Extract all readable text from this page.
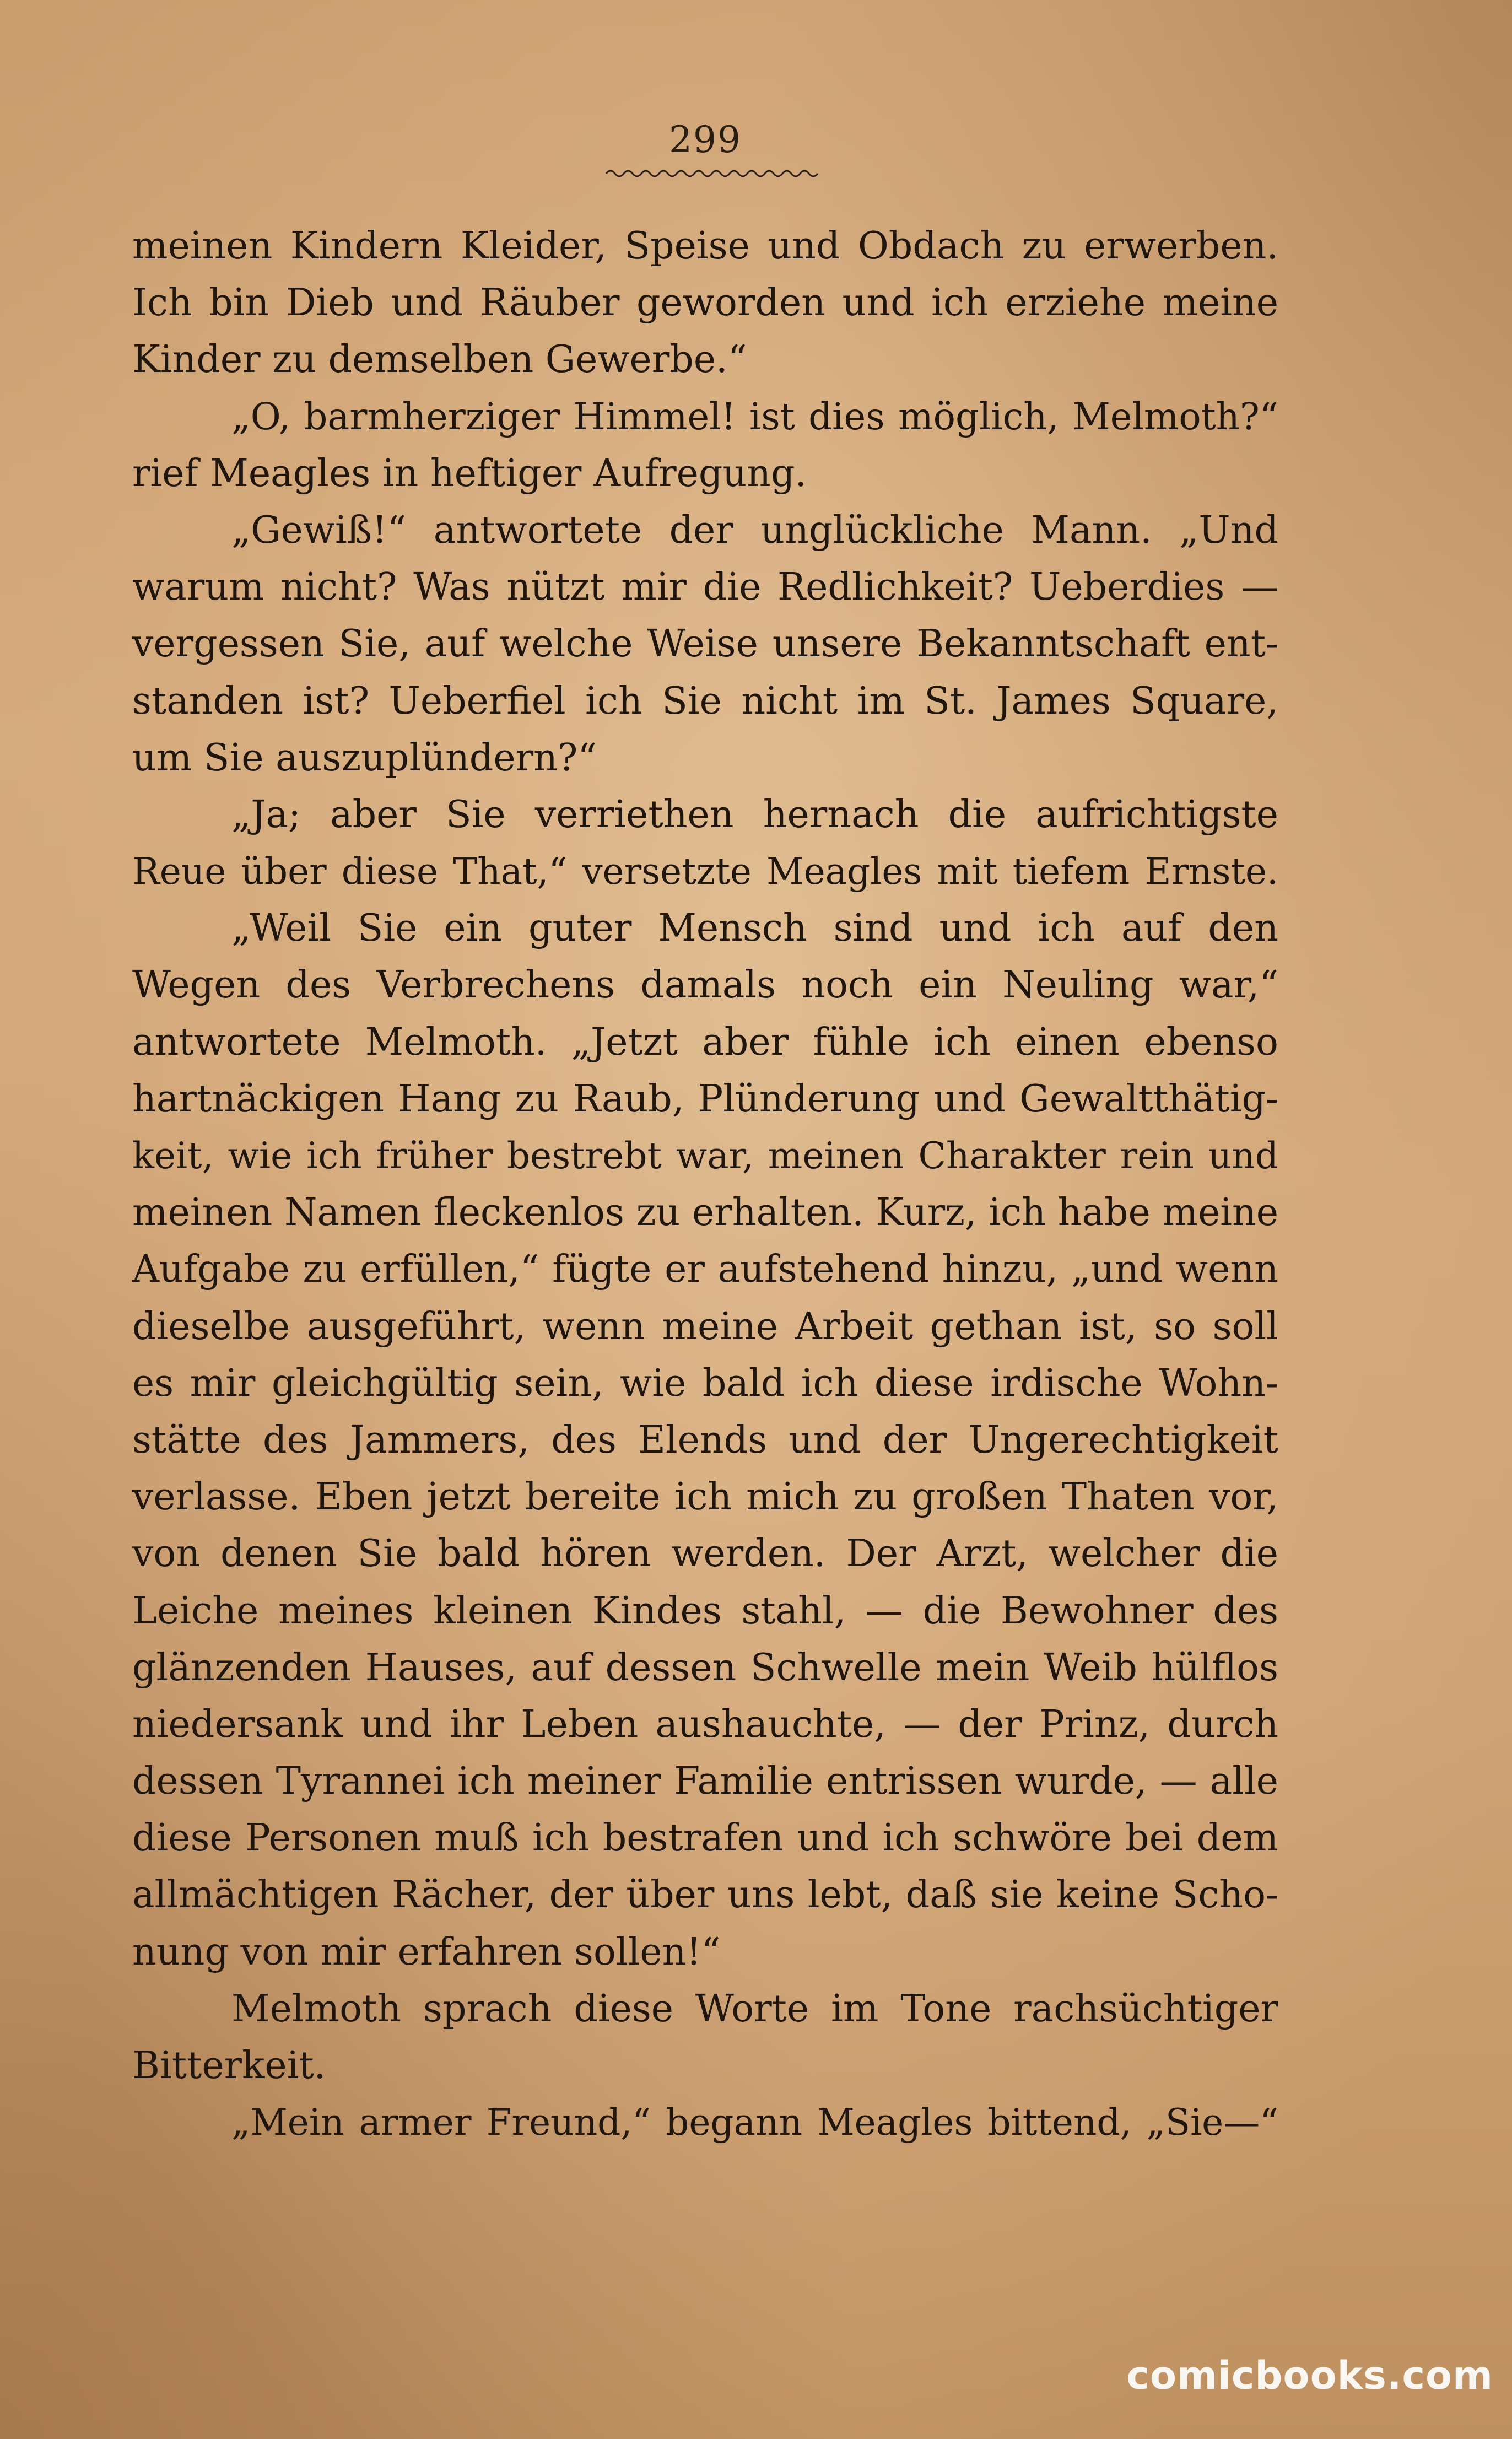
299
meinen Kindern Kleider, Speise und Obdach zu erwerben.
Ich bin Dieb und Räuber geworden und ich erziehe meine
Kinder zu demselben Gewerbe.“
„O, barmherziger Himmel! ist dies möglich, Melmoth?“
rief Meagles in heftiger Aufregung.
„Gewiß!“ antwortete der unglückliche Mann. „Und
warum nicht? Was nützt mir die Redlichkeit? Ueberdies —
vergessen Sie, auf welche Weise unsere Bekanntschaft ent-
standen ist? Ueberfiel ich Sie nicht im St. James Square,
um Sie auszuplündern?“
„Ja; aber Sie verriethen hernach die aufrichtigste
Reue über diese That,“ versetzte Meagles mit tiefem Ernste.
„Weil Sie ein guter Mensch sind und ich auf den
Wegen des Verbrechens damals noch ein Neuling war,“
antwortete Melmoth. „Jetzt aber fühle ich einen ebenso
hartnäckigen Hang zu Raub, Plünderung und Gewaltthätig-
keit, wie ich früher bestrebt war, meinen Charakter rein und
meinen Namen fleckenlos zu erhalten. Kurz, ich habe meine
Aufgabe zu erfüllen,“ fügte er aufstehend hinzu, „und wenn
dieselbe ausgeführt, wenn meine Arbeit gethan ist, so soll
es mir gleichgültig sein, wie bald ich diese irdische Wohn-
stätte des Jammers, des Elends und der Ungerechtigkeit
verlasse. Eben jetzt bereite ich mich zu großen Thaten vor,
von denen Sie bald hören werden. Der Arzt, welcher die
Leiche meines kleinen Kindes stahl, — die Bewohner des
glänzenden Hauses, auf dessen Schwelle mein Weib hülflos
niedersank und ihr Leben aushauchte, — der Prinz, durch
dessen Tyrannei ich meiner Familie entrissen wurde, — alle
diese Personen muß ich bestrafen und ich schwöre bei dem
allmächtigen Rächer, der über uns lebt, daß sie keine Scho-
nung von mir erfahren sollen!“
Melmoth sprach diese Worte im Tone rachsüchtiger
Bitterkeit.
„Mein armer Freund,“ begann Meagles bittend, „Sie—“
comicbooks.com
